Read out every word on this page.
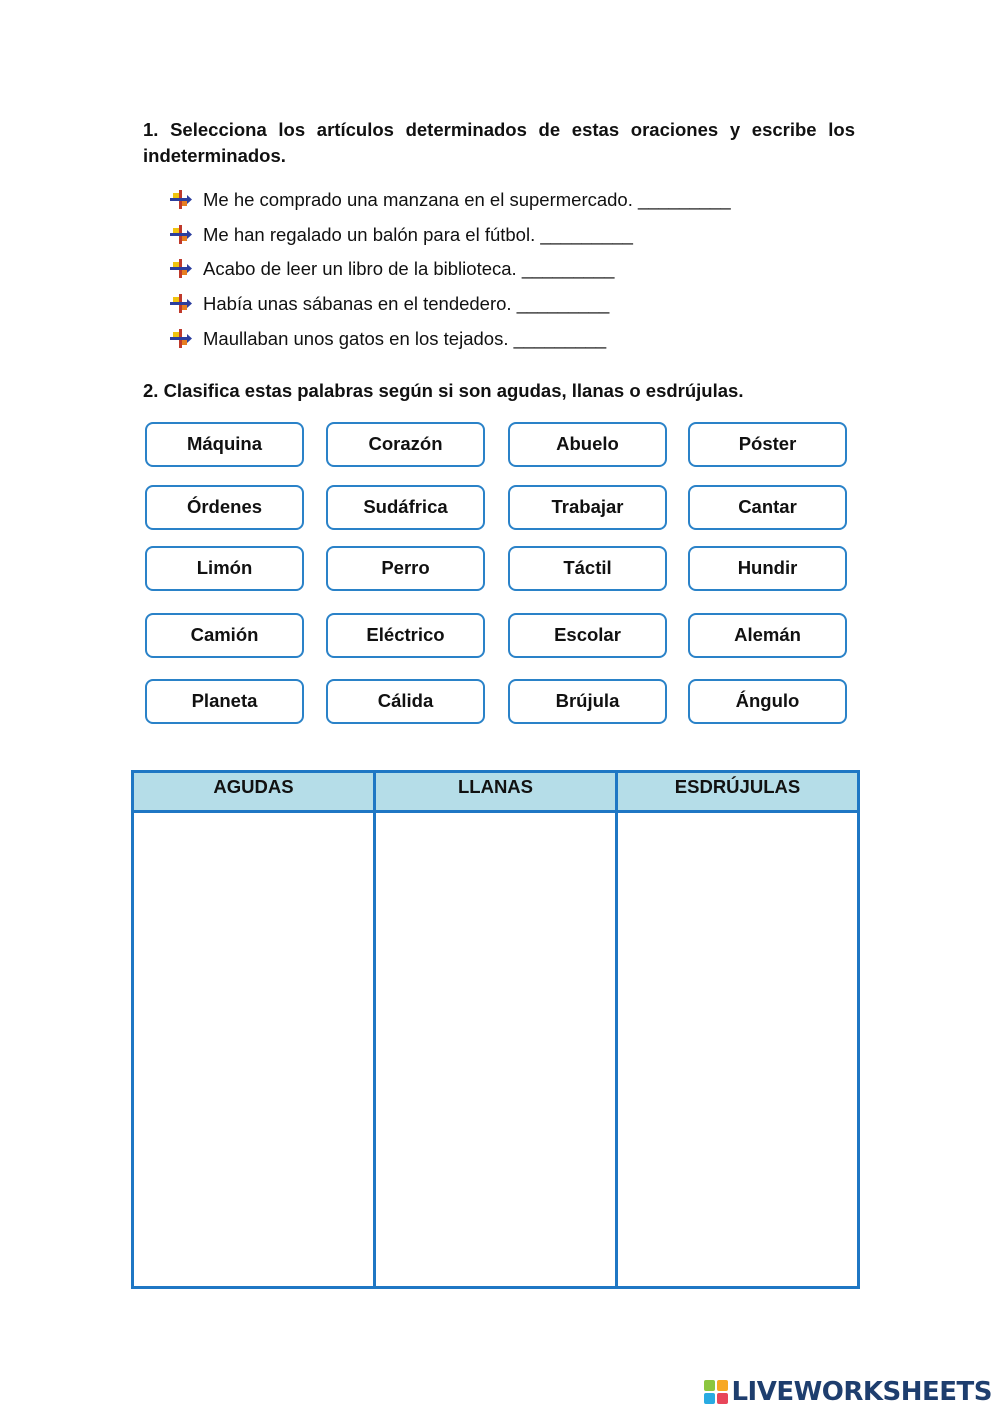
1. Selecciona los artículos determinados de estas oraciones y escribe los indeterminados.

Me he comprado una manzana en el supermercado. _________
Me han regalado un balón para el fútbol. _________
Acabo de leer un libro de la biblioteca. _________
Había unas sábanas en el tendedero. _________
Maullaban unos gatos en los tejados. _________

2. Clasifica estas palabras según si son agudas, llanas o esdrújulas.

Máquina	Corazón	Abuelo	Póster
Órdenes	Sudáfrica	Trabajar	Cantar
Limón	Perro	Táctil	Hundir
Camión	Eléctrico	Escolar	Alemán
Planeta	Cálida	Brújula	Ángulo
AGUDAS	LLANAS	ESDRÚJULAS
LIVEWORKSHEETS
